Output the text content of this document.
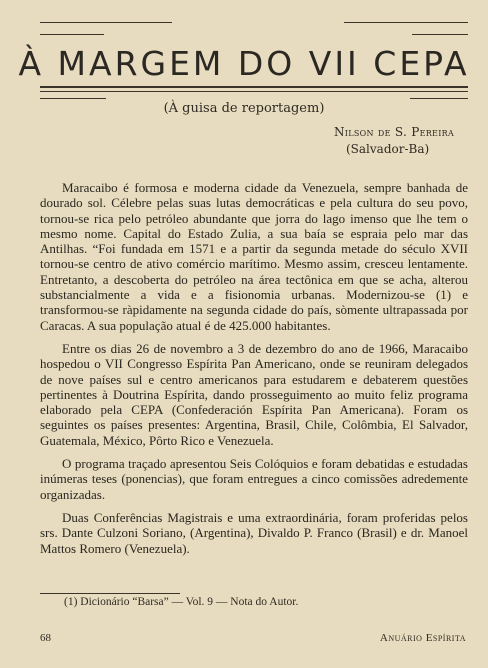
À MARGEM DO VII CEPA
(À guisa de reportagem)
Nilson de S. Pereira
(Salvador-Ba)

Maracaibo é formosa e moderna cidade da Venezuela, sempre banhada de dourado sol. Célebre pelas suas lutas democráticas e pela cultura do seu povo, tornou-se rica pelo petróleo abundante que jorra do lago imenso que lhe tem o mesmo nome. Capital do Estado Zulia, a sua baía se espraia pelo mar das Antilhas. “Foi fundada em 1571 e a partir da segunda metade do século XVII tornou-se centro de ativo comércio marítimo. Mesmo assim, cresceu lentamente. Entretanto, a descoberta do petróleo na área tectônica em que se acha, alterou substancialmente a vida e a fisionomia urbanas. Modernizou-se (1) e transformou-se ràpidamente na segunda cidade do país, sòmente ultrapassada por Caracas. A sua população atual é de 425.000 habitantes.

Entre os dias 26 de novembro a 3 de dezembro do ano de 1966, Maracaibo hospedou o VII Congresso Espírita Pan Americano, onde se reuniram delegados de nove países sul e centro americanos para estudarem e debaterem questões pertinentes à Doutrina Espírita, dando prosseguimento ao muito feliz programa elaborado pela CEPA (Confederación Espírita Pan Americana). Foram os seguintes os países presentes: Argentina, Brasil, Chile, Colômbia, El Salvador, Guatemala, México, Pôrto Rico e Venezuela.

O programa traçado apresentou Seis Colóquios e foram debatidas e estudadas inúmeras teses (ponencias), que foram entregues a cinco comissões adredemente organizadas.

Duas Conferências Magistrais e uma extraordinária, foram proferidas pelos srs. Dante Culzoni Soriano, (Argentina), Divaldo P. Franco (Brasil) e dr. Manoel Mattos Romero (Venezuela).

(1) Dicionário “Barsa” — Vol. 9 — Nota do Autor.
68	Anuário Espírita
